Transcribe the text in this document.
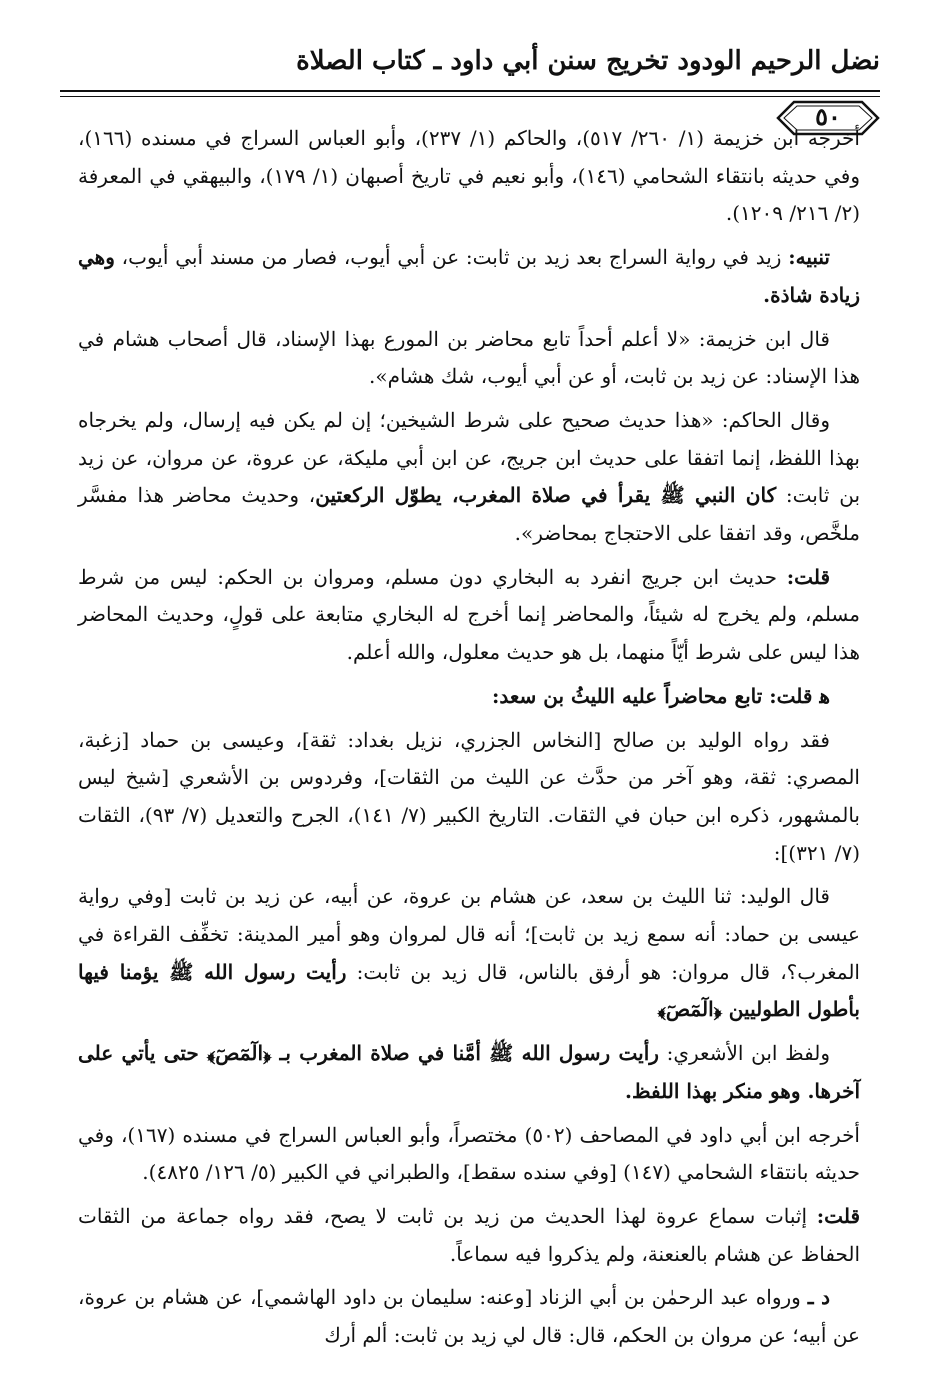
نضل الرحيم الودود تخريج سنن أبي داود ـ كتاب الصلاة
٥٠

أخرجه ابن خزيمة (١/ ٢٦٠/ ٥١٧)، والحاكم (١/ ٢٣٧)، وأبو العباس السراج في مسنده (١٦٦)، وفي حديثه بانتقاء الشحامي (١٤٦)، وأبو نعيم في تاريخ أصبهان (١/ ١٧٩)، والبيهقي في المعرفة (٢/ ٢١٦/ ١٢٠٩).

تنبيه: زيد في رواية السراج بعد زيد بن ثابت: عن أبي أيوب، فصار من مسند أبي أيوب، وهي زيادة شاذة.

قال ابن خزيمة: «لا أعلم أحداً تابع محاضر بن المورع بهذا الإسناد، قال أصحاب هشام في هذا الإسناد: عن زيد بن ثابت، أو عن أبي أيوب، شك هشام».

وقال الحاكم: «هذا حديث صحيح على شرط الشيخين؛ إن لم يكن فيه إرسال، ولم يخرجاه بهذا اللفظ، إنما اتفقا على حديث ابن جريج، عن ابن أبي مليكة، عن عروة، عن مروان، عن زيد بن ثابت: كان النبي ﷺ يقرأ في صلاة المغرب، يطوّل الركعتين، وحديث محاضر هذا مفسَّر ملخَّص، وقد اتفقا على الاحتجاج بمحاضر».

قلت: حديث ابن جريج انفرد به البخاري دون مسلم، ومروان بن الحكم: ليس من شرط مسلم، ولم يخرج له شيئاً، والمحاضر إنما أخرج له البخاري متابعة على قولٍ، وحديث المحاضر هذا ليس على شرط أيّاً منهما، بل هو حديث معلول، والله أعلم.

ﻫ قلت: تابع محاضراً عليه الليثُ بن سعد:

فقد رواه الوليد بن صالح [النخاس الجزري، نزيل بغداد: ثقة]، وعيسى بن حماد [زغبة، المصري: ثقة، وهو آخر من حدَّث عن الليث من الثقات]، وفردوس بن الأشعري [شيخ ليس بالمشهور، ذكره ابن حبان في الثقات. التاريخ الكبير (٧/ ١٤١)، الجرح والتعديل (٧/ ٩٣)، الثقات (٧/ ٣٢١)]:

قال الوليد: ثنا الليث بن سعد، عن هشام بن عروة، عن أبيه، عن زيد بن ثابت [وفي رواية عيسى بن حماد: أنه سمع زيد بن ثابت]؛ أنه قال لمروان وهو أمير المدينة: تخفِّف القراءة في المغرب؟، قال مروان: هو أرفق بالناس، قال زيد بن ثابت: رأيت رسول الله ﷺ يؤمنا فيها بأطول الطوليين ﴿الٓمٓصٓ﴾

ولفظ ابن الأشعري: رأيت رسول الله ﷺ أمَّنا في صلاة المغرب بـ ﴿الٓمٓصٓ﴾ حتى يأتي على آخرها. وهو منكر بهذا اللفظ.

أخرجه ابن أبي داود في المصاحف (٥٠٢) مختصراً، وأبو العباس السراج في مسنده (١٦٧)، وفي حديثه بانتقاء الشحامي (١٤٧) [وفي سنده سقط]، والطبراني في الكبير (٥/ ١٢٦/ ٤٨٢٥).

قلت: إثبات سماع عروة لهذا الحديث من زيد بن ثابت لا يصح، فقد رواه جماعة من الثقات الحفاظ عن هشام بالعنعنة، ولم يذكروا فيه سماعاً.

د ـ ورواه عبد الرحمٰن بن أبي الزناد [وعنه: سليمان بن داود الهاشمي]، عن هشام بن عروة، عن أبيه؛ عن مروان بن الحكم، قال: قال لي زيد بن ثابت: ألم أرك
